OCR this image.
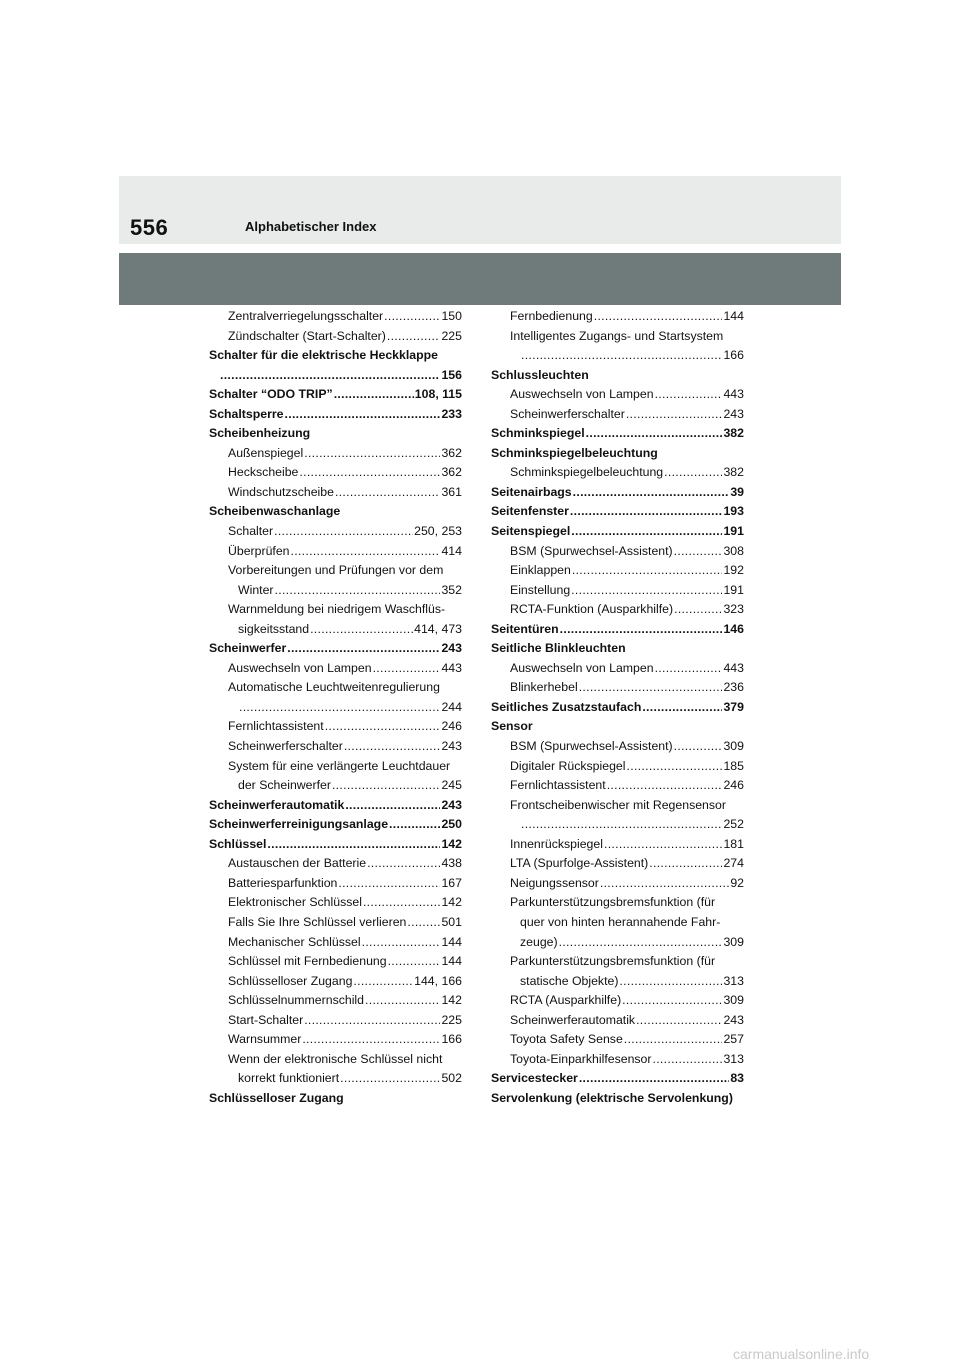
556	Alphabetischer Index
Zentralverriegelungsschalter .....	150
Zündschalter (Start-Schalter) .....	225
Schalter für die elektrische Heckklappe
.....
156
Schalter “ODO TRIP” .....	108, 115
Schaltsperre .....	233
Scheibenheizung
Außenspiegel .....	362
Heckscheibe .....	362
Windschutzscheibe .....	361
Scheibenwaschanlage
Schalter .....	250, 253
Überprüfen .....	414
Vorbereitungen und Prüfungen vor dem
Winter .....	352
Warnmeldung bei niedrigem Waschflüs-
sigkeitsstand .....	414, 473
Scheinwerfer .....	243
Auswechseln von Lampen .....	443
Automatische Leuchtweitenregulierung
.....
244
Fernlichtassistent .....	246
Scheinwerferschalter .....	243
System für eine verlängerte Leuchtdauer
der Scheinwerfer .....	245
Scheinwerferautomatik .....	243
Scheinwerferreinigungsanlage .....	250
Schlüssel .....	142
Austauschen der Batterie .....	438
Batteriesparfunktion .....	167
Elektronischer Schlüssel .....	142
Falls Sie Ihre Schlüssel verlieren .....	501
Mechanischer Schlüssel .....	144
Schlüssel mit Fernbedienung .....	144
Schlüsselloser Zugang .....	144, 166
Schlüsselnummernschild .....	142
Start-Schalter .....	225
Warnsummer .....	166
Wenn der elektronische Schlüssel nicht
korrekt funktioniert .....	502
Schlüsselloser Zugang
Fernbedienung .....	144
Intelligentes Zugangs- und Startsystem
.....
166
Schlussleuchten
Auswechseln von Lampen .....	443
Scheinwerferschalter .....	243
Schminkspiegel .....	382
Schminkspiegelbeleuchtung
Schminkspiegelbeleuchtung .....	382
Seitenairbags .....	39
Seitenfenster .....	193
Seitenspiegel .....	191
BSM (Spurwechsel-Assistent) .....	308
Einklappen .....	192
Einstellung .....	191
RCTA-Funktion (Ausparkhilfe) .....	323
Seitentüren .....	146
Seitliche Blinkleuchten
Auswechseln von Lampen .....	443
Blinkerhebel .....	236
Seitliches Zusatzstaufach .....	379
Sensor
BSM (Spurwechsel-Assistent) .....	309
Digitaler Rückspiegel .....	185
Fernlichtassistent .....	246
Frontscheibenwischer mit Regensensor
.....
252
Innenrückspiegel .....	181
LTA (Spurfolge-Assistent) .....	274
Neigungssensor .....	92
Parkunterstützungsbremsfunktion (für
quer von hinten herannahende Fahr-
zeuge) .....	309
Parkunterstützungsbremsfunktion (für
statische Objekte) .....	313
RCTA (Ausparkhilfe) .....	309
Scheinwerferautomatik .....	243
Toyota Safety Sense .....	257
Toyota-Einparkhilfesensor .....	313
Servicestecker .....	83
Servolenkung (elektrische Servolenkung)
carmanualsonline.info
